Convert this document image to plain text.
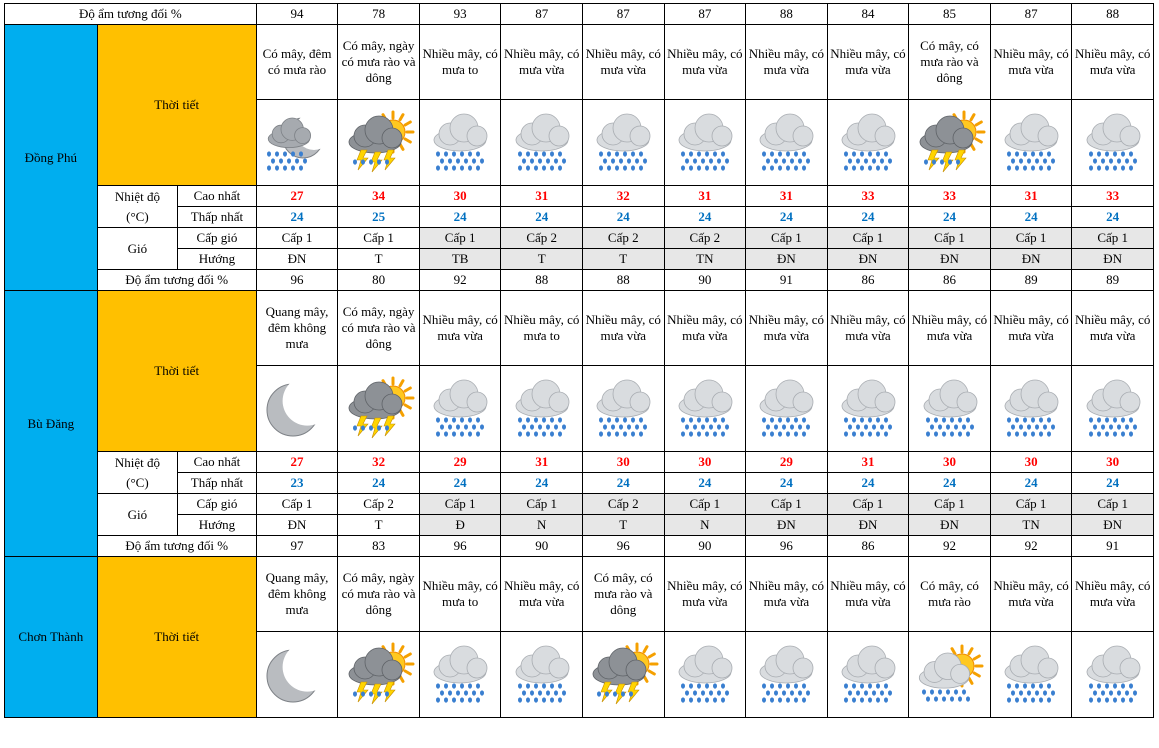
Độ ẩm tương đối %			94	78	93	87	87	87	88	84	85	87	88
Đồng Phú	Thời tiết		Có mây, đêm có mưa rào	Có mây, ngày có mưa rào và dông	Nhiều mây, có mưa to	Nhiều mây, có mưa vừa	Nhiều mây, có mưa vừa	Nhiều mây, có mưa vừa	Nhiều mây, có mưa vừa	Nhiều mây, có mưa vừa	Có mây, có mưa rào và dông	Nhiều mây, có mưa vừa	Nhiều mây, có mưa vừa

	Nhiệt độ
(°C)	Cao nhất	27	34	30	31	32	31	31	33	33	31	33
		Thấp nhất	24	25	24	24	24	24	24	24	24	24	24
	Gió	Cấp gió	Cấp 1	Cấp 1	Cấp 1	Cấp 2	Cấp 2	Cấp 2	Cấp 1	Cấp 1	Cấp 1	Cấp 1	Cấp 1
		Hướng	ĐN	T	TB	T	T	TN	ĐN	ĐN	ĐN	ĐN	ĐN
	Độ ẩm tương đối %		96	80	92	88	88	90	91	86	86	89	89
Bù Đăng	Thời tiết		Quang mây, đêm không mưa	Có mây, ngày có mưa rào và dông	Nhiều mây, có mưa vừa	Nhiều mây, có mưa to	Nhiều mây, có mưa vừa	Nhiều mây, có mưa vừa	Nhiều mây, có mưa vừa	Nhiều mây, có mưa vừa	Nhiều mây, có mưa vừa	Nhiều mây, có mưa vừa	Nhiều mây, có mưa vừa

	Nhiệt độ
(°C)	Cao nhất	27	32	29	31	30	30	29	31	30	30	30
		Thấp nhất	23	24	24	24	24	24	24	24	24	24	24
	Gió	Cấp gió	Cấp 1	Cấp 2	Cấp 1	Cấp 1	Cấp 2	Cấp 1	Cấp 1	Cấp 1	Cấp 1	Cấp 1	Cấp 1
		Hướng	ĐN	T	Đ	N	T	N	ĐN	ĐN	ĐN	TN	ĐN
	Độ ẩm tương đối %		97	83	96	90	96	90	96	86	92	92	91
Chơn Thành	Thời tiết		Quang mây, đêm không mưa	Có mây, ngày có mưa rào và dông	Nhiều mây, có mưa to	Nhiều mây, có mưa vừa	Có mây, có mưa rào và dông	Nhiều mây, có mưa vừa	Nhiều mây, có mưa vừa	Nhiều mây, có mưa vừa	Có mây, có mưa rào	Nhiều mây, có mưa vừa	Nhiều mây, có mưa vừa
